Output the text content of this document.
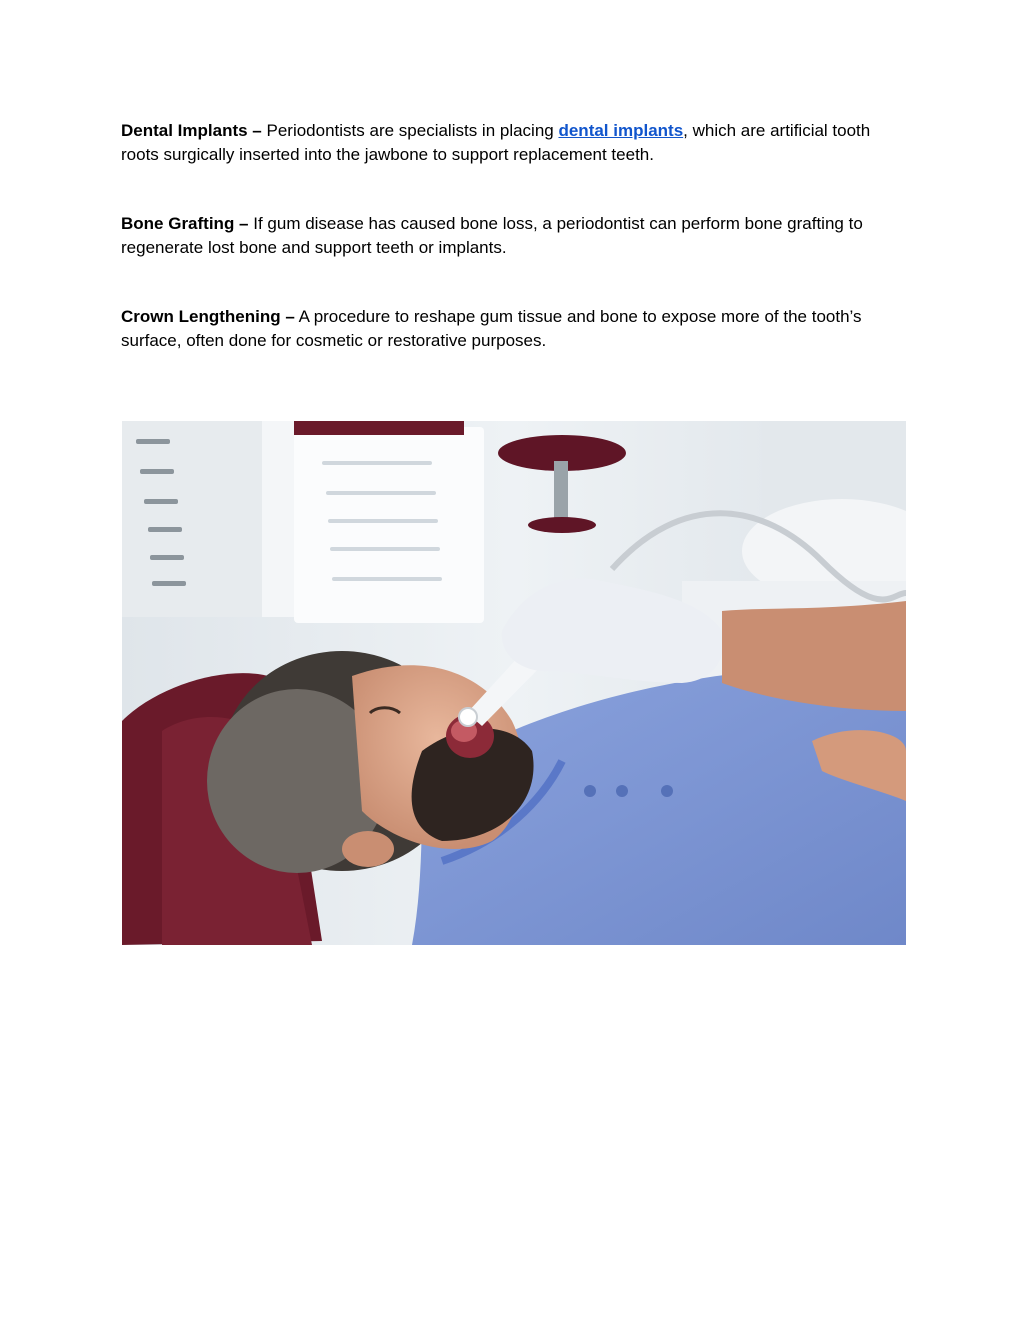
Dental Implants – Periodontists are specialists in placing dental implants, which are artificial tooth roots surgically inserted into the jawbone to support replacement teeth.

Bone Grafting – If gum disease has caused bone loss, a periodontist can perform bone grafting to regenerate lost bone and support teeth or implants.

Crown Lengthening – A procedure to reshape gum tissue and bone to expose more of the tooth’s surface, often done for cosmetic or restorative purposes.
